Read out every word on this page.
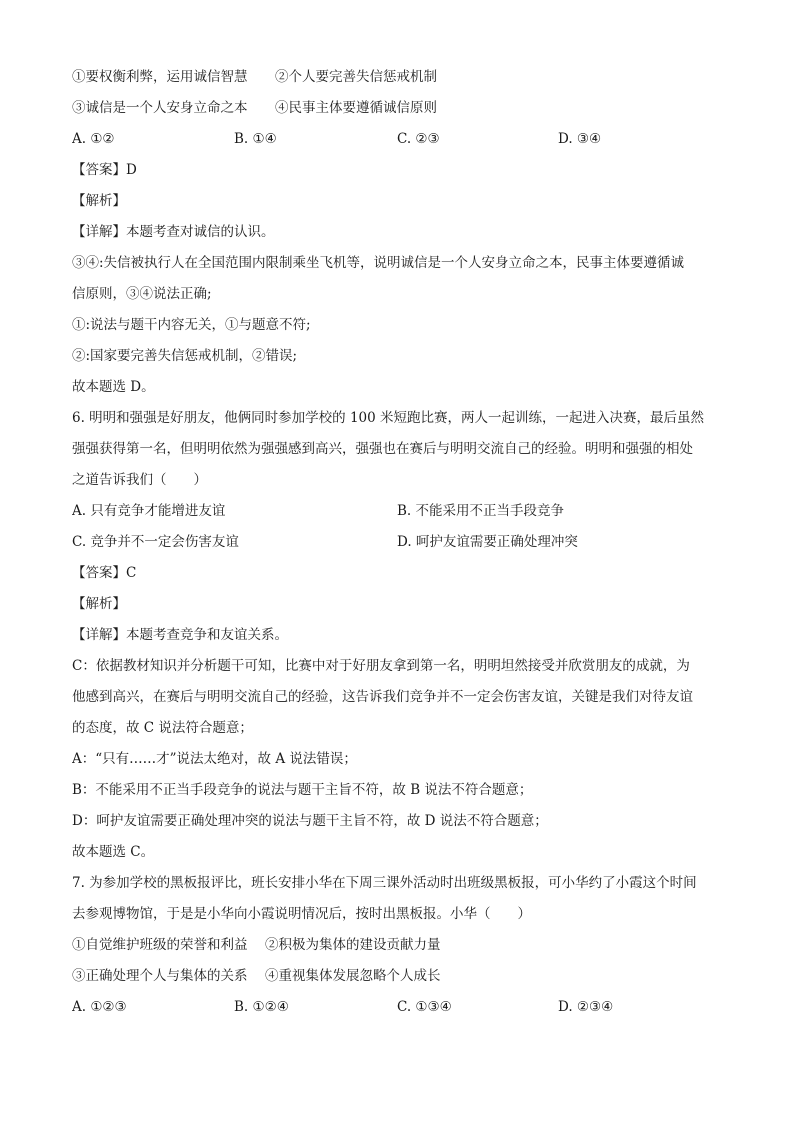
①要权衡利弊，运用诚信智慧 ②个人要完善失信惩戒机制
③诚信是一个人安身立命之本 ④民事主体要遵循诚信原则
A. ①②	B. ①④	C. ②③	D. ③④
【答案】D
【解析】
【详解】本题考查对诚信的认识。
③④:失信被执行人在全国范围内限制乘坐飞机等，说明诚信是一个人安身立命之本，民事主体要遵循诚
信原则，③④说法正确;
①:说法与题干内容无关，①与题意不符;
②:国家要完善失信惩戒机制，②错误;
故本题选 D。
6. 明明和强强是好朋友，他俩同时参加学校的 100 米短跑比赛，两人一起训练，一起进入决赛，最后虽然
强强获得第一名，但明明依然为强强感到高兴，强强也在赛后与明明交流自己的经验。明明和强强的相处
之道告诉我们（　　）
A. 只有竞争才能增进友谊	B. 不能采用不正当手段竞争
C. 竞争并不一定会伤害友谊	D. 呵护友谊需要正确处理冲突
【答案】C
【解析】
【详解】本题考查竞争和友谊关系。
C：依据教材知识并分析题干可知，比赛中对于好朋友拿到第一名，明明坦然接受并欣赏朋友的成就，为
他感到高兴，在赛后与明明交流自己的经验，这告诉我们竞争并不一定会伤害友谊，关键是我们对待友谊
的态度，故 C 说法符合题意；
A：“只有……才”说法太绝对，故 A 说法错误；
B：不能采用不正当手段竞争的说法与题干主旨不符，故 B 说法不符合题意；
D：呵护友谊需要正确处理冲突的说法与题干主旨不符，故 D 说法不符合题意；
故本题选 C。
7. 为参加学校的黑板报评比，班长安排小华在下周三课外活动时出班级黑板报，可小华约了小霞这个时间
去参观博物馆，于是是小华向小霞说明情况后，按时出黑板报。小华（　　）
①自觉维护班级的荣誉和利益 ②积极为集体的建设贡献力量
③正确处理个人与集体的关系 ④重视集体发展忽略个人成长
A. ①②③	B. ①②④	C. ①③④	D. ②③④
